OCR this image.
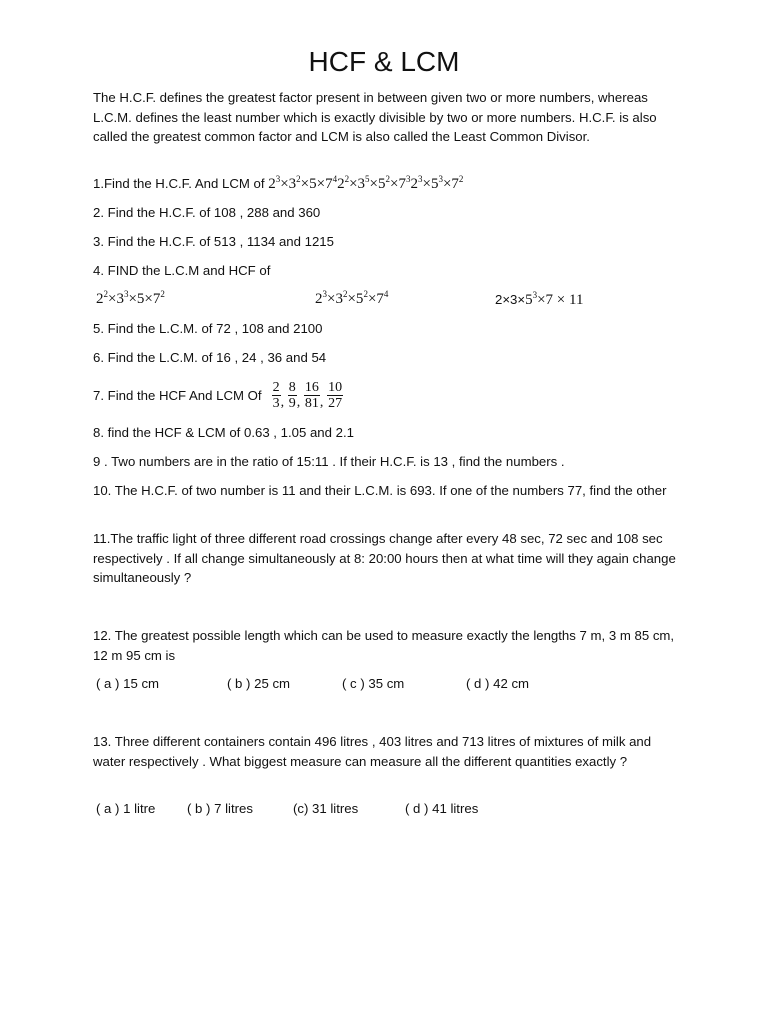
HCF & LCM

The H.C.F. defines the greatest factor present in between given two or more numbers, whereas L.C.M. defines the least number which is exactly divisible by two or more numbers. H.C.F. is also called the greatest common factor and LCM is also called the Least Common Divisor.

1.Find the H.C.F. And LCM of $2^3\times 3^2\times 5\times 7^42^2\times 3^5\times 5^2\times 7^32^3\times 5^3\times 7^2$
2. Find the H.C.F. of 108 , 288 and 360
3. Find the H.C.F. of 513 , 1134 and 1215
4. FIND the L.C.M and HCF of
$2^2\times 3^3\times 5\times 7^2$	$2^3\times 3^2\times 5^2\times 7^4$	$2\times 3\times 5^3\times 7 \times 11$
5. Find the L.C.M. of 72 , 108 and 2100
6. Find the L.C.M. of 16 , 24 , 36 and 54
7. Find the HCF And LCM Of $\frac{2}{3}$ , $\frac{8}{9}$ , $\frac{16}{81}$ , $\frac{10}{27}$
8. find the HCF & LCM of 0.63 , 1.05 and 2.1
9 . Two numbers are in the ratio of 15:11 . If their H.C.F. is 13 , find the numbers .
10. The H.C.F. of two number is 11 and their L.C.M. is 693. If one of the numbers 77, find the other
11.The traffic light of three different road crossings change after every 48 sec, 72 sec and 108 sec respectively . If all change simultaneously at 8: 20:00 hours then at what time will they again change simultaneously ?
12. The greatest possible length which can be used to measure exactly the lengths 7 m, 3 m 85 cm, 12 m 95 cm is
( a ) 15 cm	( b ) 25 cm	( c ) 35 cm	( d ) 42 cm
13. Three different containers contain 496 litres , 403 litres and 713 litres of mixtures of milk and water respectively . What biggest measure can measure all the different quantities exactly ?
( a ) 1 litre ( b ) 7 litres	(c) 31 litres	( d ) 41 litres
